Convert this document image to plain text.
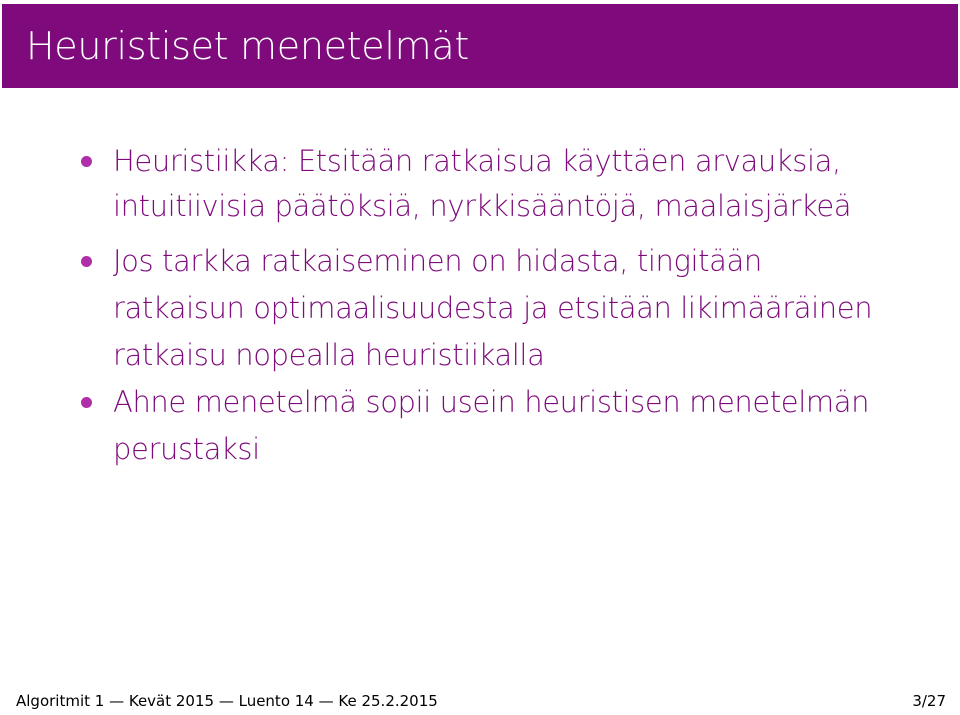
Heuristiset menetelmät
Heuristiikka: Etsitään ratkaisua käyttäen arvauksia,
intuitiivisia päätöksiä, nyrkkisääntöjä, maalaisjärkeä
Jos tarkka ratkaiseminen on hidasta, tingitään
ratkaisun optimaalisuudesta ja etsitään likimääräinen
ratkaisu nopealla heuristiikalla
Ahne menetelmä sopii usein heuristisen menetelmän
perustaksi
Algoritmit 1 — Kevät 2015 — Luento 14 — Ke 25.2.2015	3/27
